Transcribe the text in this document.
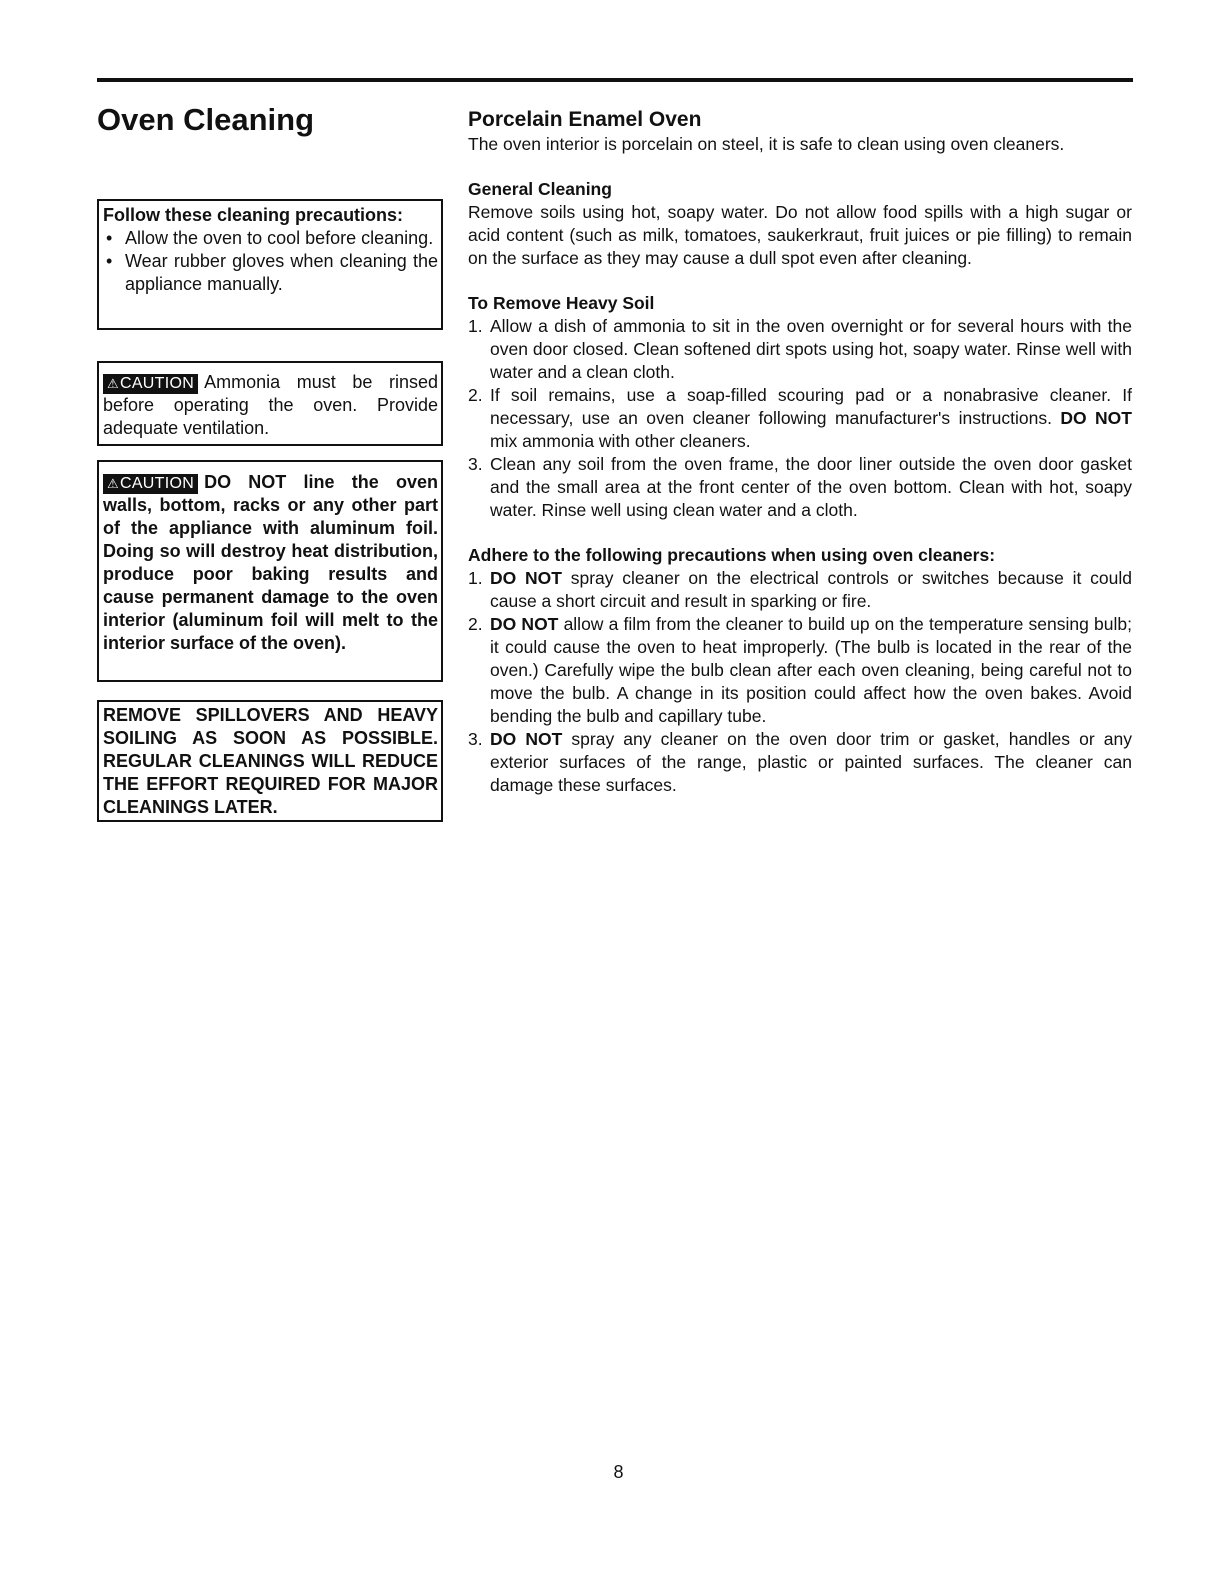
Oven Cleaning
Follow these cleaning precautions:
• Allow the oven to cool before cleaning.
• Wear rubber gloves when cleaning the appliance manually.
⚠CAUTION Ammonia must be rinsed before operating the oven. Provide adequate ventilation.
⚠CAUTION DO NOT line the oven walls, bottom, racks or any other part of the appliance with aluminum foil. Doing so will destroy heat distribution, produce poor baking results and cause permanent damage to the oven interior (aluminum foil will melt to the interior surface of the oven).
REMOVE SPILLOVERS AND HEAVY SOILING AS SOON AS POSSIBLE. REGULAR CLEANINGS WILL REDUCE THE EFFORT REQUIRED FOR MAJOR CLEANINGS LATER.
Porcelain Enamel Oven

The oven interior is porcelain on steel, it is safe to clean using oven cleaners.

General Cleaning

Remove soils using hot, soapy water. Do not allow food spills with a high sugar or acid content (such as milk, tomatoes, saukerkraut, fruit juices or pie filling) to remain on the surface as they may cause a dull spot even after cleaning.

To Remove Heavy Soil
1. Allow a dish of ammonia to sit in the oven overnight or for several hours with the oven door closed. Clean softened dirt spots using hot, soapy water. Rinse well with water and a clean cloth.
2. If soil remains, use a soap-filled scouring pad or a nonabrasive cleaner. If necessary, use an oven cleaner following manufacturer's instructions. DO NOT mix ammonia with other cleaners.
3. Clean any soil from the oven frame, the door liner outside the oven door gasket and the small area at the front center of the oven bottom. Clean with hot, soapy water. Rinse well using clean water and a cloth.
Adhere to the following precautions when using oven cleaners:
1. DO NOT spray cleaner on the electrical controls or switches because it could cause a short circuit and result in sparking or fire.
2. DO NOT allow a film from the cleaner to build up on the temperature sensing bulb; it could cause the oven to heat improperly. (The bulb is located in the rear of the oven.) Carefully wipe the bulb clean after each oven cleaning, being careful not to move the bulb. A change in its position could affect how the oven bakes. Avoid bending the bulb and capillary tube.
3. DO NOT spray any cleaner on the oven door trim or gasket, handles or any exterior surfaces of the range, plastic or painted surfaces. The cleaner can damage these surfaces.
8
